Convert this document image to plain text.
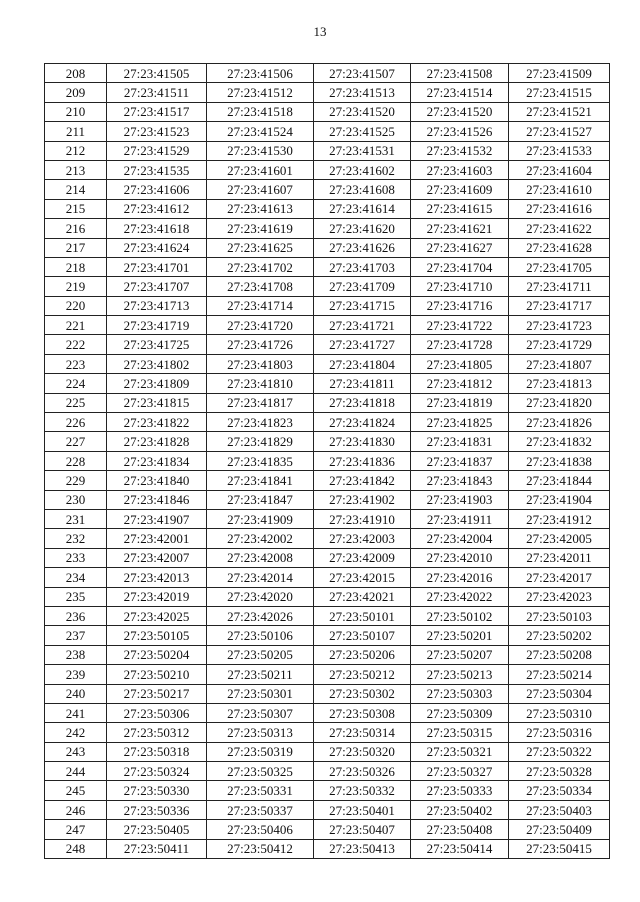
13
208	27:23:41505	27:23:41506	27:23:41507	27:23:41508	27:23:41509
209	27:23:41511	27:23:41512	27:23:41513	27:23:41514	27:23:41515
210	27:23:41517	27:23:41518	27:23:41520	27:23:41520	27:23:41521
211	27:23:41523	27:23:41524	27:23:41525	27:23:41526	27:23:41527
212	27:23:41529	27:23:41530	27:23:41531	27:23:41532	27:23:41533
213	27:23:41535	27:23:41601	27:23:41602	27:23:41603	27:23:41604
214	27:23:41606	27:23:41607	27:23:41608	27:23:41609	27:23:41610
215	27:23:41612	27:23:41613	27:23:41614	27:23:41615	27:23:41616
216	27:23:41618	27:23:41619	27:23:41620	27:23:41621	27:23:41622
217	27:23:41624	27:23:41625	27:23:41626	27:23:41627	27:23:41628
218	27:23:41701	27:23:41702	27:23:41703	27:23:41704	27:23:41705
219	27:23:41707	27:23:41708	27:23:41709	27:23:41710	27:23:41711
220	27:23:41713	27:23:41714	27:23:41715	27:23:41716	27:23:41717
221	27:23:41719	27:23:41720	27:23:41721	27:23:41722	27:23:41723
222	27:23:41725	27:23:41726	27:23:41727	27:23:41728	27:23:41729
223	27:23:41802	27:23:41803	27:23:41804	27:23:41805	27:23:41807
224	27:23:41809	27:23:41810	27:23:41811	27:23:41812	27:23:41813
225	27:23:41815	27:23:41817	27:23:41818	27:23:41819	27:23:41820
226	27:23:41822	27:23:41823	27:23:41824	27:23:41825	27:23:41826
227	27:23:41828	27:23:41829	27:23:41830	27:23:41831	27:23:41832
228	27:23:41834	27:23:41835	27:23:41836	27:23:41837	27:23:41838
229	27:23:41840	27:23:41841	27:23:41842	27:23:41843	27:23:41844
230	27:23:41846	27:23:41847	27:23:41902	27:23:41903	27:23:41904
231	27:23:41907	27:23:41909	27:23:41910	27:23:41911	27:23:41912
232	27:23:42001	27:23:42002	27:23:42003	27:23:42004	27:23:42005
233	27:23:42007	27:23:42008	27:23:42009	27:23:42010	27:23:42011
234	27:23:42013	27:23:42014	27:23:42015	27:23:42016	27:23:42017
235	27:23:42019	27:23:42020	27:23:42021	27:23:42022	27:23:42023
236	27:23:42025	27:23:42026	27:23:50101	27:23:50102	27:23:50103
237	27:23:50105	27:23:50106	27:23:50107	27:23:50201	27:23:50202
238	27:23:50204	27:23:50205	27:23:50206	27:23:50207	27:23:50208
239	27:23:50210	27:23:50211	27:23:50212	27:23:50213	27:23:50214
240	27:23:50217	27:23:50301	27:23:50302	27:23:50303	27:23:50304
241	27:23:50306	27:23:50307	27:23:50308	27:23:50309	27:23:50310
242	27:23:50312	27:23:50313	27:23:50314	27:23:50315	27:23:50316
243	27:23:50318	27:23:50319	27:23:50320	27:23:50321	27:23:50322
244	27:23:50324	27:23:50325	27:23:50326	27:23:50327	27:23:50328
245	27:23:50330	27:23:50331	27:23:50332	27:23:50333	27:23:50334
246	27:23:50336	27:23:50337	27:23:50401	27:23:50402	27:23:50403
247	27:23:50405	27:23:50406	27:23:50407	27:23:50408	27:23:50409
248	27:23:50411	27:23:50412	27:23:50413	27:23:50414	27:23:50415
